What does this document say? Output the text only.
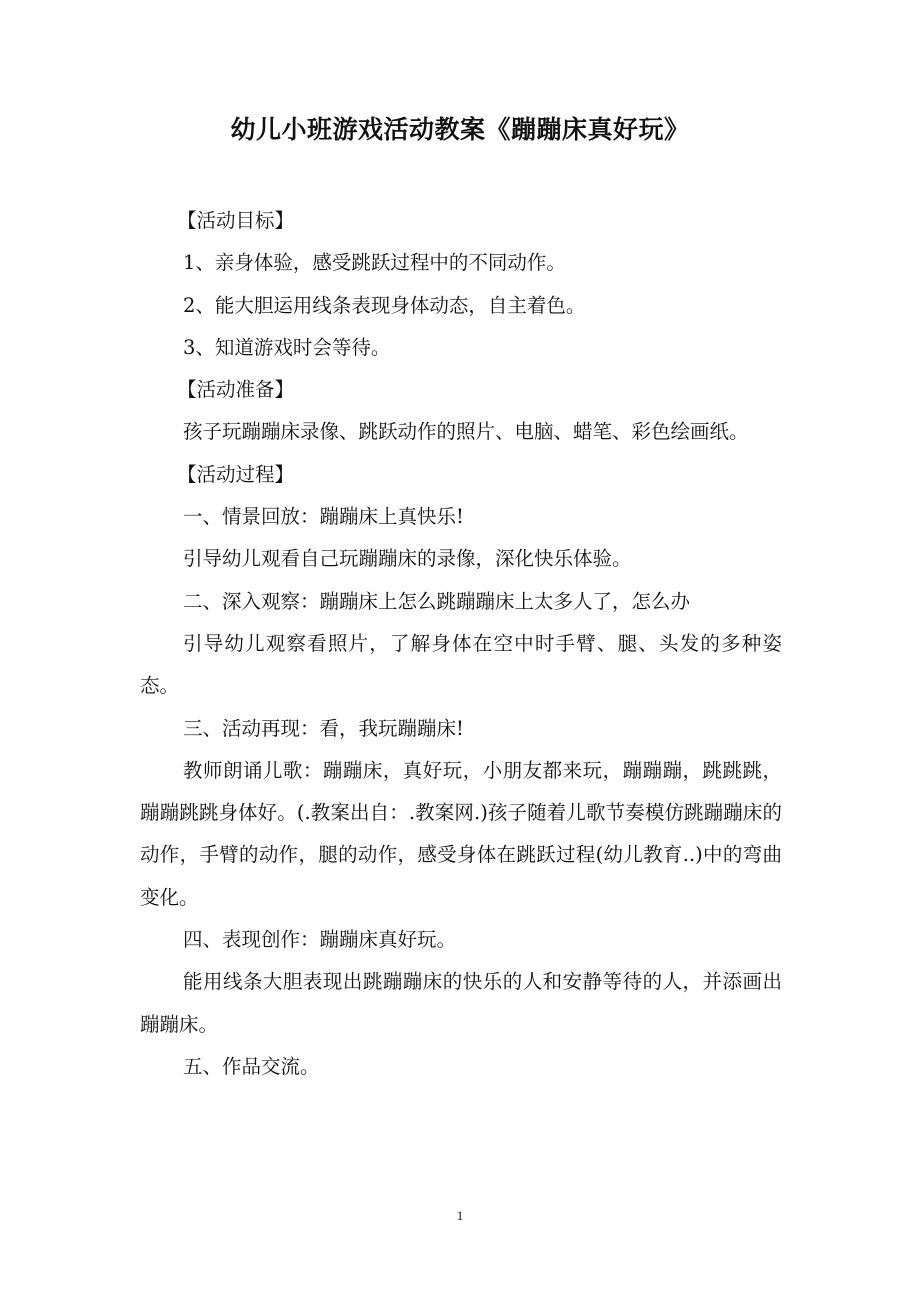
幼儿小班游戏活动教案《蹦蹦床真好玩》

【活动目标】

1、亲身体验，感受跳跃过程中的不同动作。

2、能大胆运用线条表现身体动态，自主着色。

3、知道游戏时会等待。

【活动准备】

孩子玩蹦蹦床录像、跳跃动作的照片、电脑、蜡笔、彩色绘画纸。

【活动过程】

一、情景回放：蹦蹦床上真快乐!

引导幼儿观看自己玩蹦蹦床的录像，深化快乐体验。

二、深入观察：蹦蹦床上怎么跳蹦蹦床上太多人了，怎么办

引导幼儿观察看照片，了解身体在空中时手臂、腿、头发的多种姿态。

三、活动再现：看，我玩蹦蹦床!

教师朗诵儿歌：蹦蹦床，真好玩，小朋友都来玩，蹦蹦蹦，跳跳跳，蹦蹦跳跳身体好。(.教案出自：.教案网.)孩子随着儿歌节奏模仿跳蹦蹦床的动作，手臂的动作，腿的动作，感受身体在跳跃过程(幼儿教育..)中的弯曲变化。

四、表现创作：蹦蹦床真好玩。

能用线条大胆表现出跳蹦蹦床的快乐的人和安静等待的人，并添画出蹦蹦床。

五、作品交流。

1
